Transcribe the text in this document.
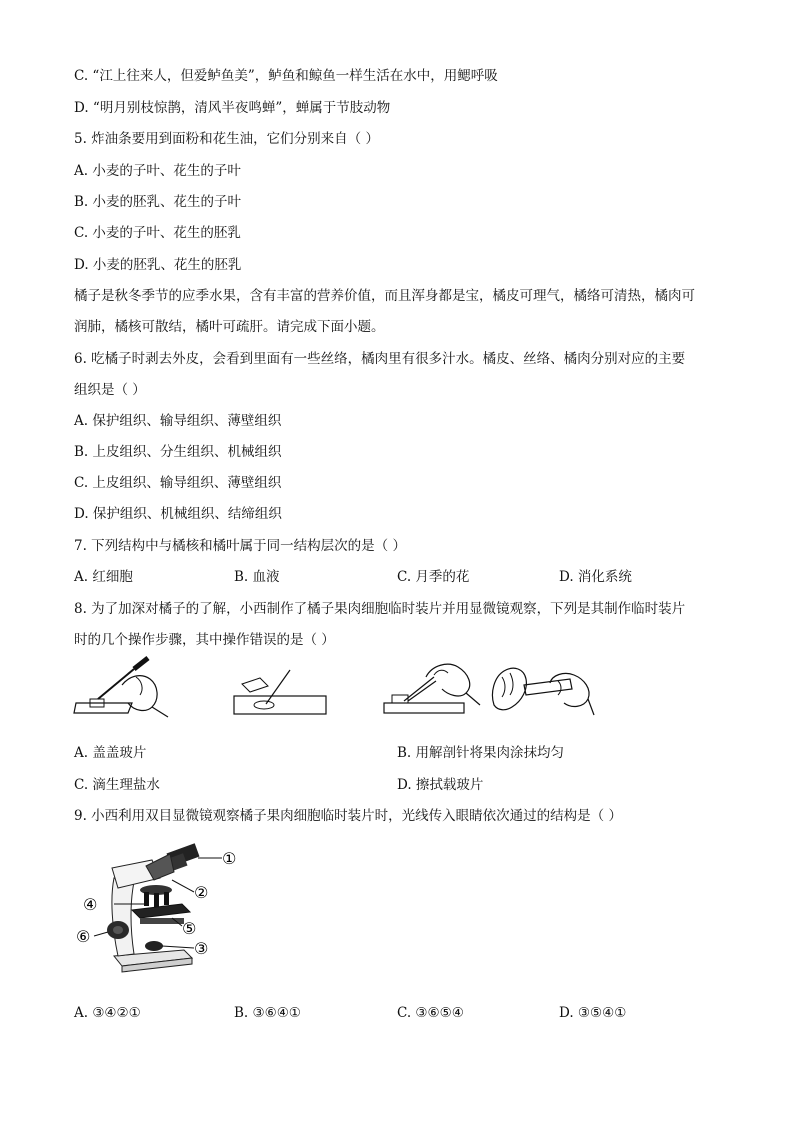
C. “江上往来人，但爱鲈鱼美”，鲈鱼和鲸鱼一样生活在水中，用鳃呼吸
D. “明月别枝惊鹊，清风半夜鸣蝉”，蝉属于节肢动物
5. 炸油条要用到面粉和花生油，它们分别来自（ ）
A. 小麦的子叶、花生的子叶
B. 小麦的胚乳、花生的子叶
C. 小麦的子叶、花生的胚乳
D. 小麦的胚乳、花生的胚乳
橘子是秋冬季节的应季水果，含有丰富的营养价值，而且浑身都是宝，橘皮可理气，橘络可清热，橘肉可
润肺，橘核可散结，橘叶可疏肝。请完成下面小题。
6. 吃橘子时剥去外皮，会看到里面有一些丝络，橘肉里有很多汁水。橘皮、丝络、橘肉分别对应的主要
组织是（ ）
A. 保护组织、输导组织、薄壁组织
B. 上皮组织、分生组织、机械组织
C. 上皮组织、输导组织、薄壁组织
D. 保护组织、机械组织、结缔组织
7. 下列结构中与橘核和橘叶属于同一结构层次的是（ ）
A. 红细胞	B. 血液	C. 月季的花	D. 消化系统
8. 为了加深对橘子的了解，小西制作了橘子果肉细胞临时装片并用显微镜观察，下列是其制作临时装片
时的几个操作步骤，其中操作错误的是（ ）
A. 盖盖玻片	B. 用解剖针将果肉涂抹均匀
C. 滴生理盐水	D. 擦拭载玻片
9. 小西利用双目显微镜观察橘子果肉细胞临时装片时，光线传入眼睛依次通过的结构是（ ）
①
②
④
⑤
⑥
③
A. ③④②①	B. ③⑥④①	C. ③⑥⑤④	D. ③⑤④①
